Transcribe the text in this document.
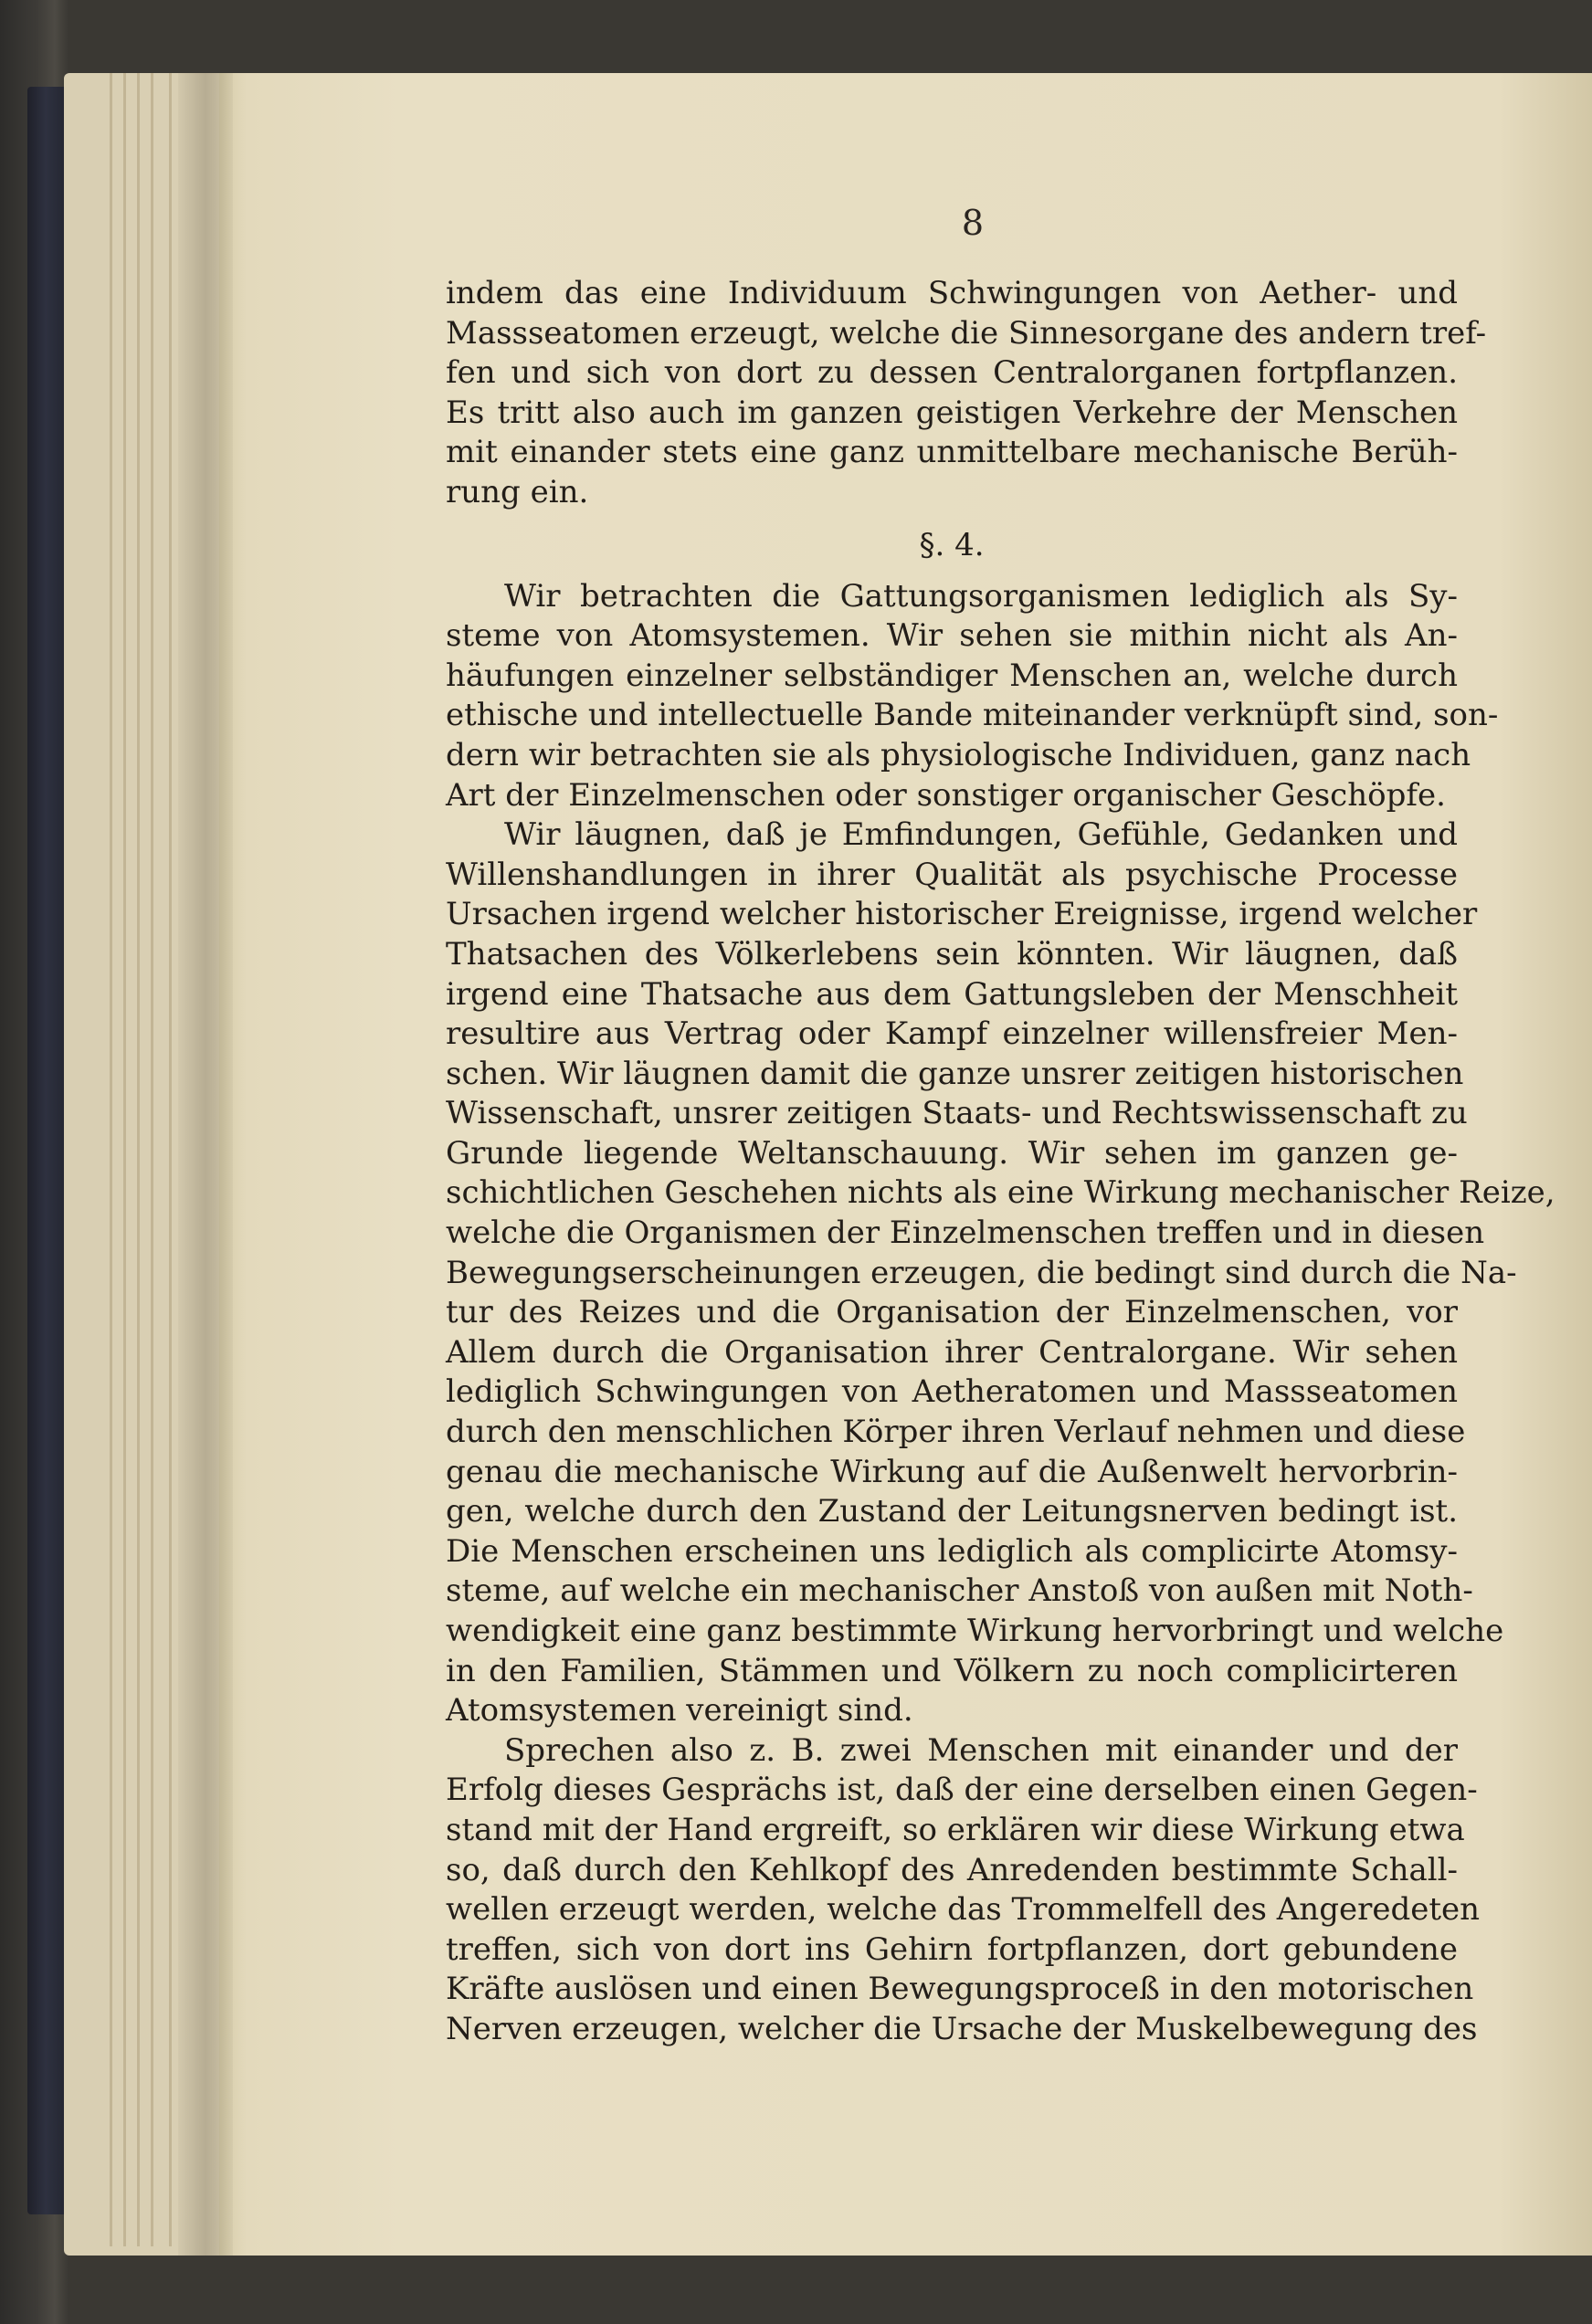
8
indem das eine Individuum Schwingungen von Aether- und
Massseatomen erzeugt, welche die Sinnesorgane des andern tref-
fen und sich von dort zu dessen Centralorganen fortpflanzen.
Es tritt also auch im ganzen geistigen Verkehre der Menschen
mit einander stets eine ganz unmittelbare mechanische Berüh-
rung ein.
§. 4.
Wir betrachten die Gattungsorganismen lediglich als Sy-
steme von Atomsystemen. Wir sehen sie mithin nicht als An-
häufungen einzelner selbständiger Menschen an, welche durch
ethische und intellectuelle Bande miteinander verknüpft sind, son-
dern wir betrachten sie als physiologische Individuen, ganz nach
Art der Einzelmenschen oder sonstiger organischer Geschöpfe.
Wir läugnen, daß je Emfindungen, Gefühle, Gedanken und
Willenshandlungen in ihrer Qualität als psychische Processe
Ursachen irgend welcher historischer Ereignisse, irgend welcher
Thatsachen des Völkerlebens sein könnten. Wir läugnen, daß
irgend eine Thatsache aus dem Gattungsleben der Menschheit
resultire aus Vertrag oder Kampf einzelner willensfreier Men-
schen. Wir läugnen damit die ganze unsrer zeitigen historischen
Wissenschaft, unsrer zeitigen Staats- und Rechtswissenschaft zu
Grunde liegende Weltanschauung. Wir sehen im ganzen ge-
schichtlichen Geschehen nichts als eine Wirkung mechanischer Reize,
welche die Organismen der Einzelmenschen treffen und in diesen
Bewegungserscheinungen erzeugen, die bedingt sind durch die Na-
tur des Reizes und die Organisation der Einzelmenschen, vor
Allem durch die Organisation ihrer Centralorgane. Wir sehen
lediglich Schwingungen von Aetheratomen und Massseatomen
durch den menschlichen Körper ihren Verlauf nehmen und diese
genau die mechanische Wirkung auf die Außenwelt hervorbrin-
gen, welche durch den Zustand der Leitungsnerven bedingt ist.
Die Menschen erscheinen uns lediglich als complicirte Atomsy-
steme, auf welche ein mechanischer Anstoß von außen mit Noth-
wendigkeit eine ganz bestimmte Wirkung hervorbringt und welche
in den Familien, Stämmen und Völkern zu noch complicirteren
Atomsystemen vereinigt sind.
Sprechen also z. B. zwei Menschen mit einander und der
Erfolg dieses Gesprächs ist, daß der eine derselben einen Gegen-
stand mit der Hand ergreift, so erklären wir diese Wirkung etwa
so, daß durch den Kehlkopf des Anredenden bestimmte Schall-
wellen erzeugt werden, welche das Trommelfell des Angeredeten
treffen, sich von dort ins Gehirn fortpflanzen, dort gebundene
Kräfte auslösen und einen Bewegungsproceß in den motorischen
Nerven erzeugen, welcher die Ursache der Muskelbewegung des
